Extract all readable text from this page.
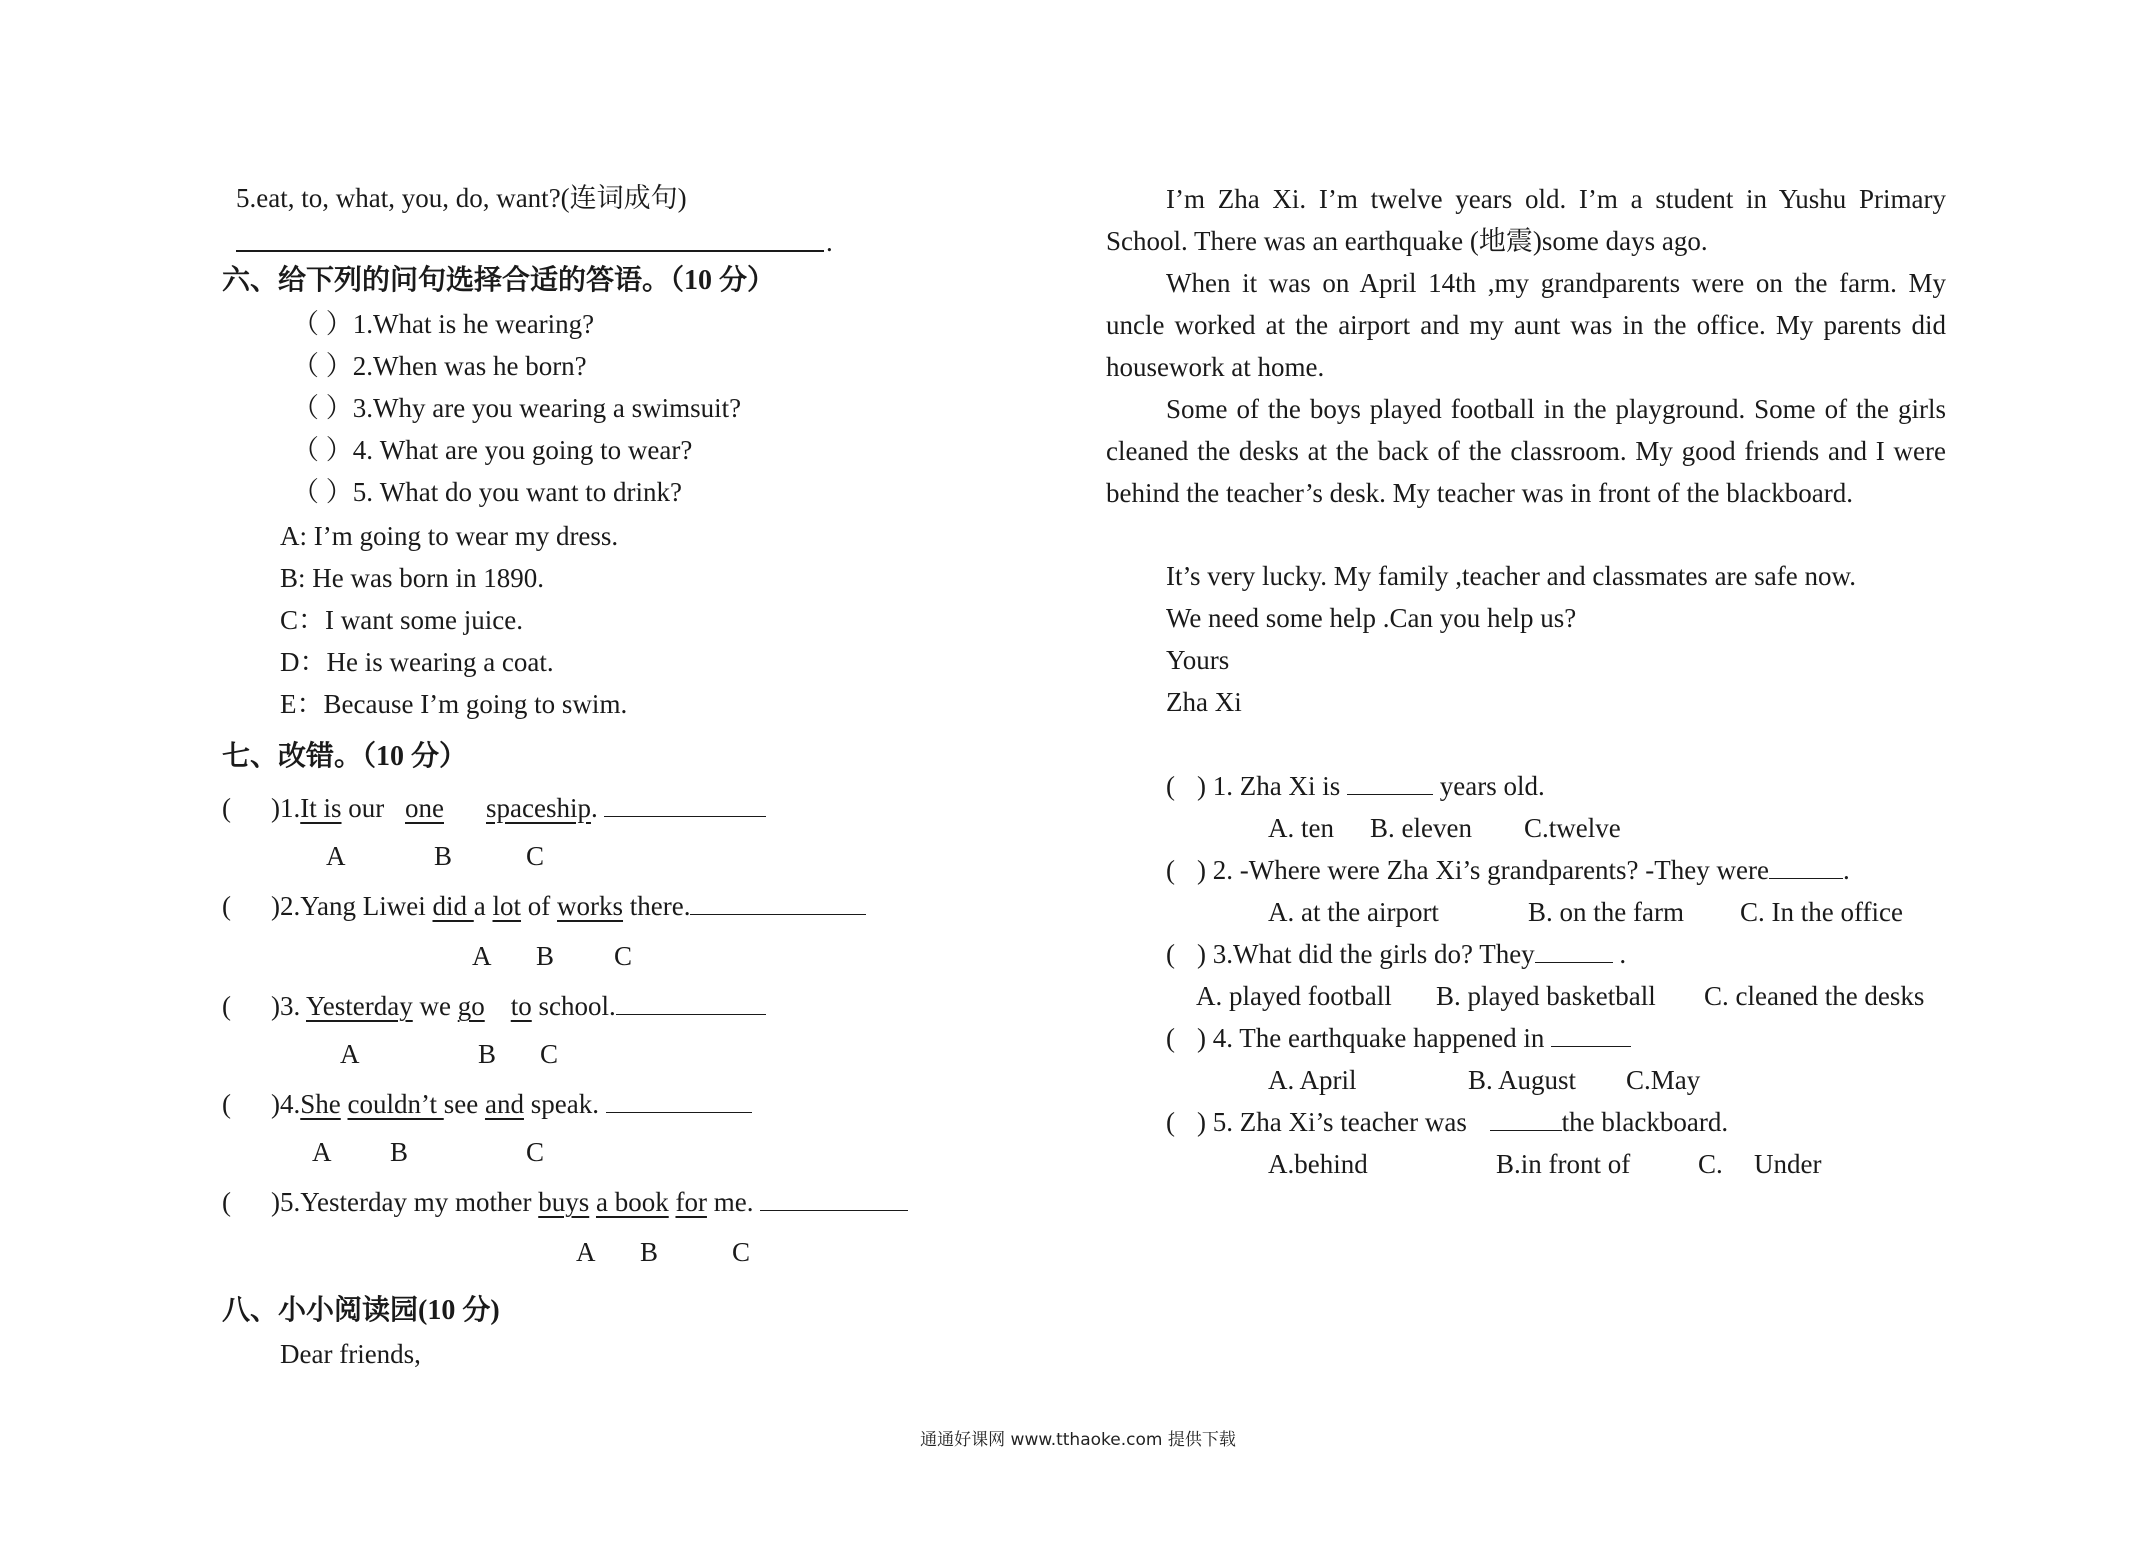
5.eat, to, what, you, do, want?(连词成句)
.
六、给下列的问句选择合适的答语。（10 分）
（ ）1.What is he wearing?
（ ）2.When was he born?
（ ）3.Why are you wearing a swimsuit?
（ ）4. What are you going to wear?
（ ）5. What do you want to drink?
A: I’m going to wear my dress.
B: He was born in 1890.
C：I want some juice.
D：He is wearing a coat.
E：Because I’m going to swim.
七、改错。（10 分）
( )1.It is our one spaceship.
A	B	C
( )2.Yang Liwei did a lot of works there.
A B C
( )3. Yesterday we go to school.
A	B C
( )4.She couldn’t see and speak.
A B	C
( )5.Yesterday my mother buys a book for me.
A B	C
八、小小阅读园(10 分)
Dear friends,
I’m Zha Xi. I’m twelve years old. I’m a student in Yushu Primary School. There was an earthquake (地震)some days ago.
When it was on April 14th ,my grandparents were on the farm. My uncle worked at the airport and my aunt was in the office. My parents did housework at home.
Some of the boys played football in the playground. Some of the girls cleaned the desks at the back of the classroom. My good friends and I were behind the teacher’s desk. My teacher was in front of the blackboard.
It’s very lucky. My family ,teacher and classmates are safe now.
We need some help .Can you help us?
Yours
Zha Xi
( ) 1. Zha Xi is	years old.
A. ten B. eleven C.twelve
( ) 2. -Where were Zha Xi’s grandparents? -They were	.
A. at the airport	B. on the farm C. In the office
( ) 3.What did the girls do? They	.
A. played football B. played basketball C. cleaned the desks
( ) 4. The earthquake happened in
A. April	B. August C.May
( ) 5. Zha Xi’s teacher was	the blackboard.
A.behind	B.in front of	C. Under
通通好课网 www.tthaoke.com 提供下载
